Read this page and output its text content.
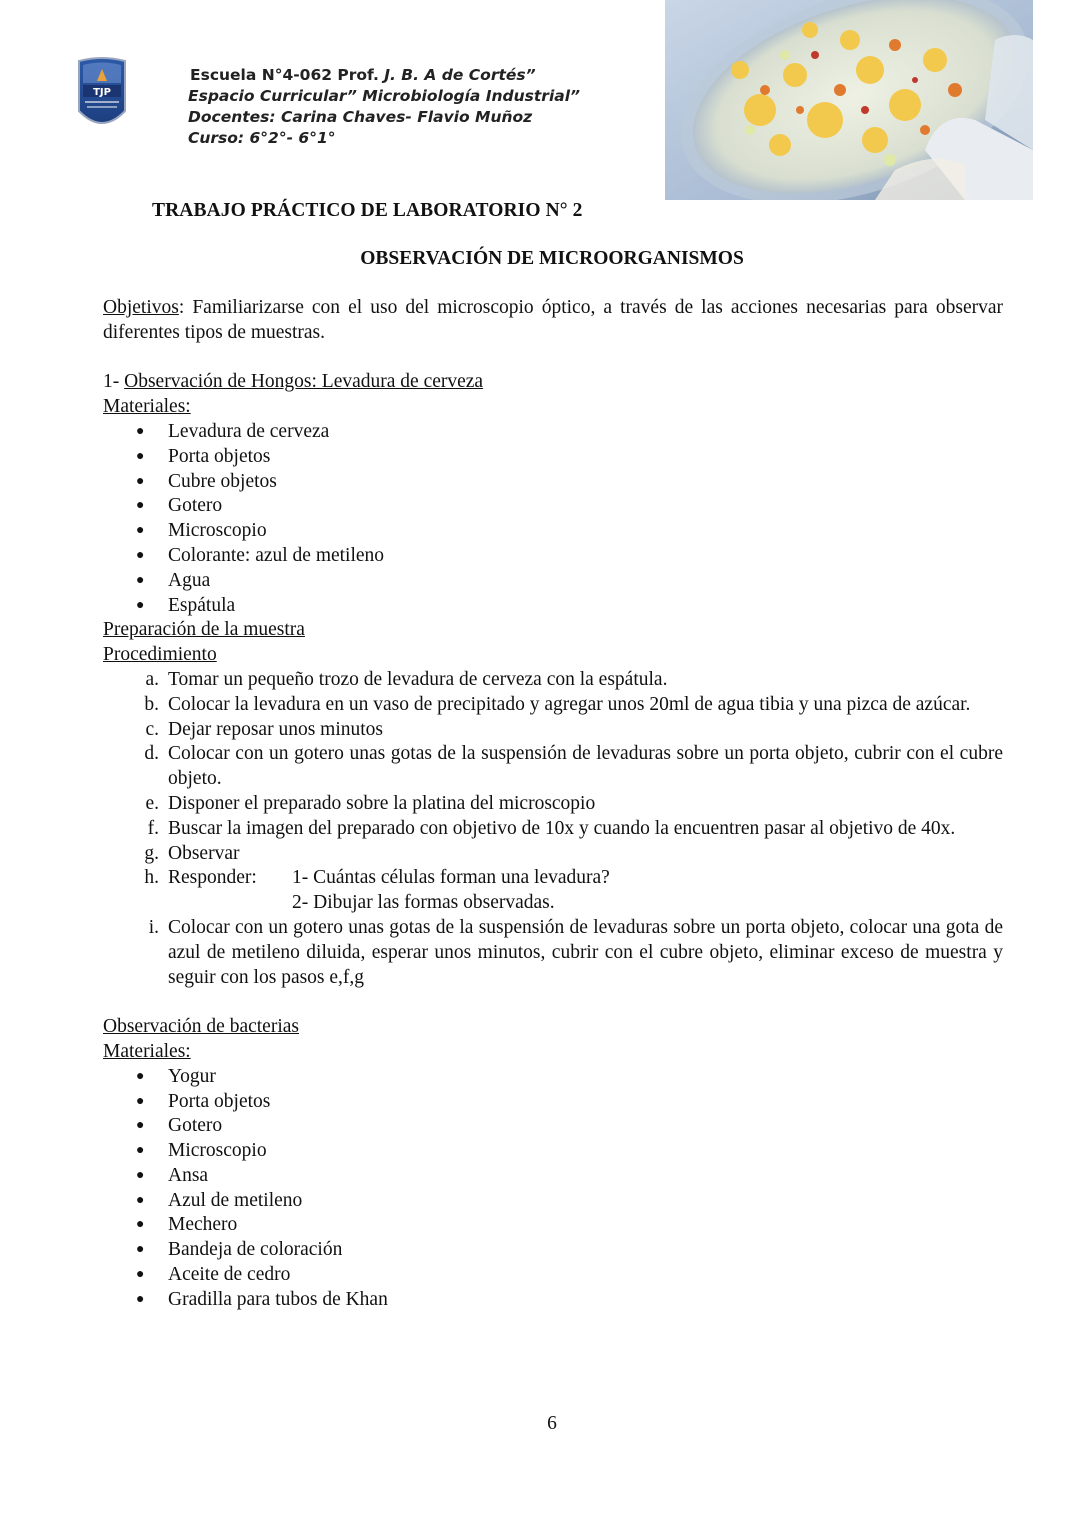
TJP
Escuela N°4-062 Prof. J. B. A de Cortés”
Espacio Curricular” Microbiología Industrial”
Docentes: Carina Chaves- Flavio Muñoz
Curso: 6°2°- 6°1°
TRABAJO PRÁCTICO DE LABORATORIO N° 2
OBSERVACIÓN DE MICROORGANISMOS
Objetivos: Familiarizarse con el uso del microscopio óptico, a través de las acciones necesarias para observar diferentes tipos de muestras.
1- Observación de Hongos: Levadura de cerveza
Materiales:
● Levadura de cerveza
● Porta objetos
● Cubre objetos
● Gotero
● Microscopio
● Colorante: azul de metileno
● Agua
● Espátula
Preparación de la muestra
Procedimiento
a. Tomar un pequeño trozo de levadura de cerveza con la espátula.
b. Colocar la levadura en un vaso de precipitado y agregar unos 20ml de agua tibia y una pizca de azúcar.
c. Dejar reposar unos minutos
d. Colocar con un gotero unas gotas de la suspensión de levaduras sobre un porta objeto, cubrir con el cubre objeto.
e. Disponer el preparado sobre la platina del microscopio
f. Buscar la imagen del preparado con objetivo de 10x y cuando la encuentren pasar al objetivo de 40x.
g. Observar
h. Responder: 1- Cuántas células forman una levadura?
2- Dibujar las formas observadas.
i. Colocar con un gotero unas gotas de la suspensión de levaduras sobre un porta objeto, colocar una gota de azul de metileno diluida, esperar unos minutos, cubrir con el cubre objeto, eliminar exceso de muestra y seguir con los pasos e,f,g
Observación de bacterias
Materiales:
● Yogur
● Porta objetos
● Gotero
● Microscopio
● Ansa
● Azul de metileno
● Mechero
● Bandeja de coloración
● Aceite de cedro
● Gradilla para tubos de Khan
6
